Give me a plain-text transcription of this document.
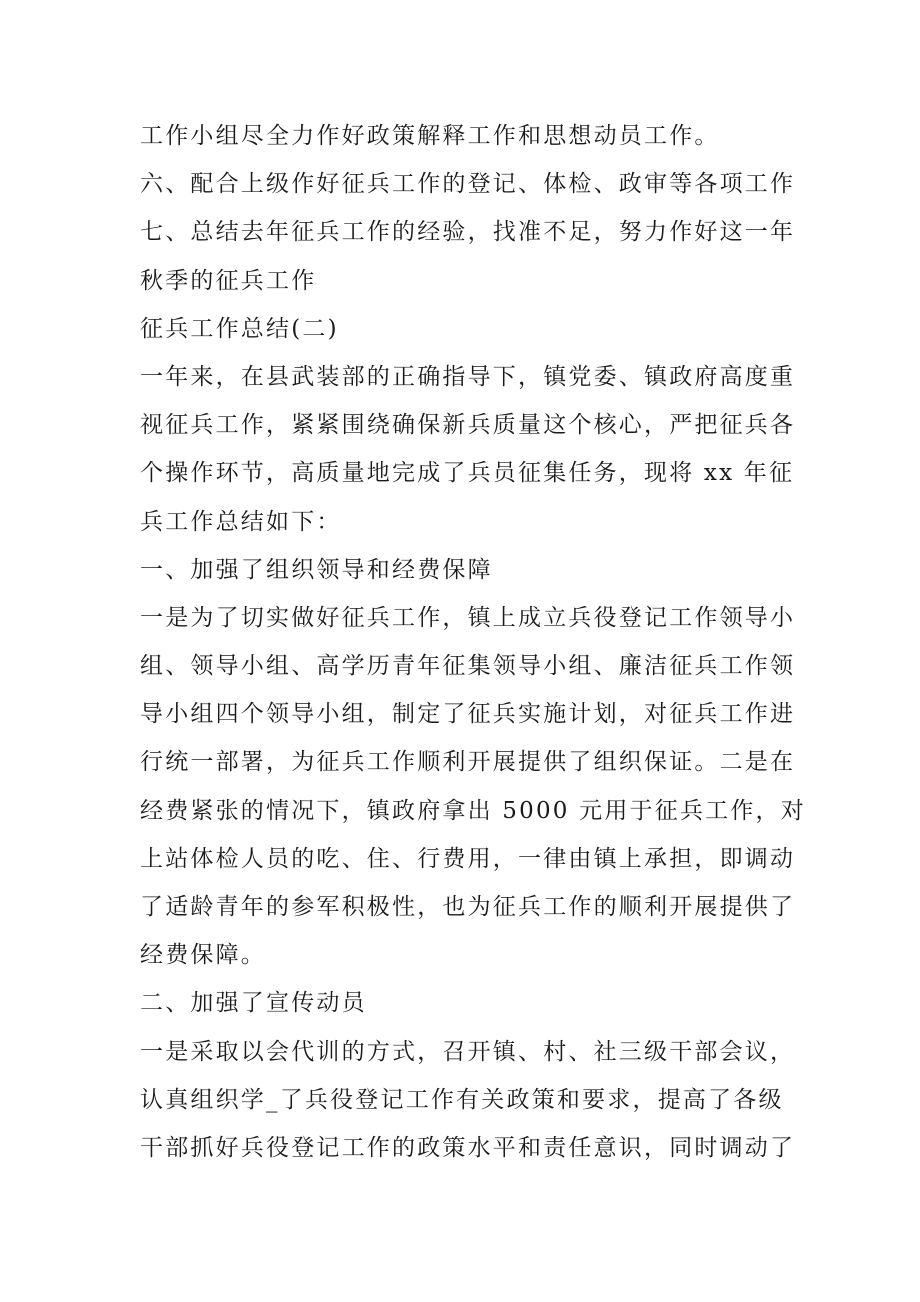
工作小组尽全力作好政策解释工作和思想动员工作。
六、配合上级作好征兵工作的登记、体检、政审等各项工作
七、总结去年征兵工作的经验，找准不足，努力作好这一年
秋季的征兵工作
征兵工作总结(二)
一年来，在县武装部的正确指导下，镇党委、镇政府高度重
视征兵工作，紧紧围绕确保新兵质量这个核心，严把征兵各
个操作环节，高质量地完成了兵员征集任务，现将 xx 年征
兵工作总结如下：
一、加强了组织领导和经费保障
一是为了切实做好征兵工作，镇上成立兵役登记工作领导小
组、领导小组、高学历青年征集领导小组、廉洁征兵工作领
导小组四个领导小组，制定了征兵实施计划，对征兵工作进
行统一部署，为征兵工作顺利开展提供了组织保证。二是在
经费紧张的情况下，镇政府拿出 5000 元用于征兵工作，对
上站体检人员的吃、住、行费用，一律由镇上承担，即调动
了适龄青年的参军积极性，也为征兵工作的顺利开展提供了
经费保障。
二、加强了宣传动员
一是采取以会代训的方式，召开镇、村、社三级干部会议，
认真组织学_了兵役登记工作有关政策和要求，提高了各级
干部抓好兵役登记工作的政策水平和责任意识，同时调动了
